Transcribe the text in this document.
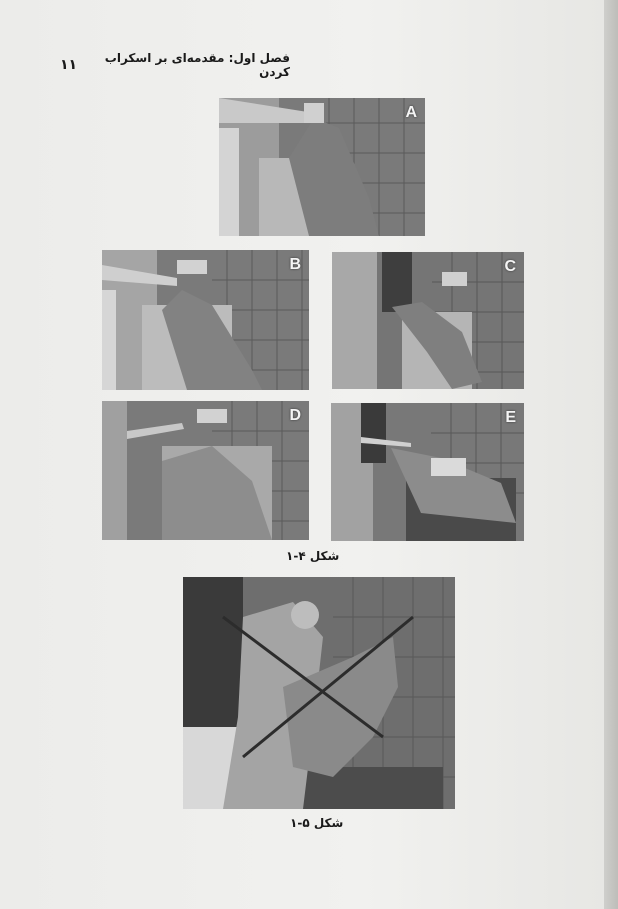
۱۱	فصل اول: مقدمه‌ای بر اسکراب کردن
A
B	C
D	E
شکل ۴-۱
شکل ۵-۱
